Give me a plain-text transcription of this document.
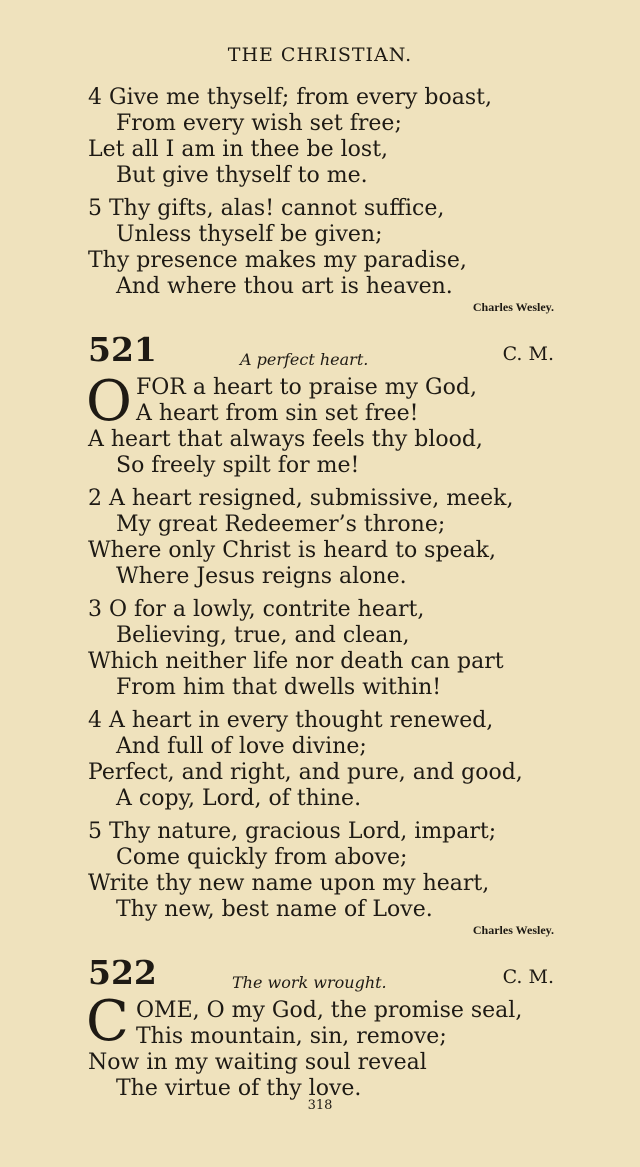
THE CHRISTIAN.
4 Give me thyself; from every boast,
From every wish set free;
Let all I am in thee be lost,
But give thyself to me.
5 Thy gifts, alas! cannot suffice,
Unless thyself be given;
Thy presence makes my paradise,
And where thou art is heaven.
Charles Wesley.
521	A perfect heart.	C. M.
O FOR a heart to praise my God,
A heart from sin set free!
A heart that always feels thy blood,
So freely spilt for me!
2 A heart resigned, submissive, meek,
My great Redeemer’s throne;
Where only Christ is heard to speak,
Where Jesus reigns alone.
3 O for a lowly, contrite heart,
Believing, true, and clean,
Which neither life nor death can part
From him that dwells within!
4 A heart in every thought renewed,
And full of love divine;
Perfect, and right, and pure, and good,
A copy, Lord, of thine.
5 Thy nature, gracious Lord, impart;
Come quickly from above;
Write thy new name upon my heart,
Thy new, best name of Love.
Charles Wesley.
522	The work wrought.	C. M.
C OME, O my God, the promise seal,
This mountain, sin, remove;
Now in my waiting soul reveal
The virtue of thy love.
318
